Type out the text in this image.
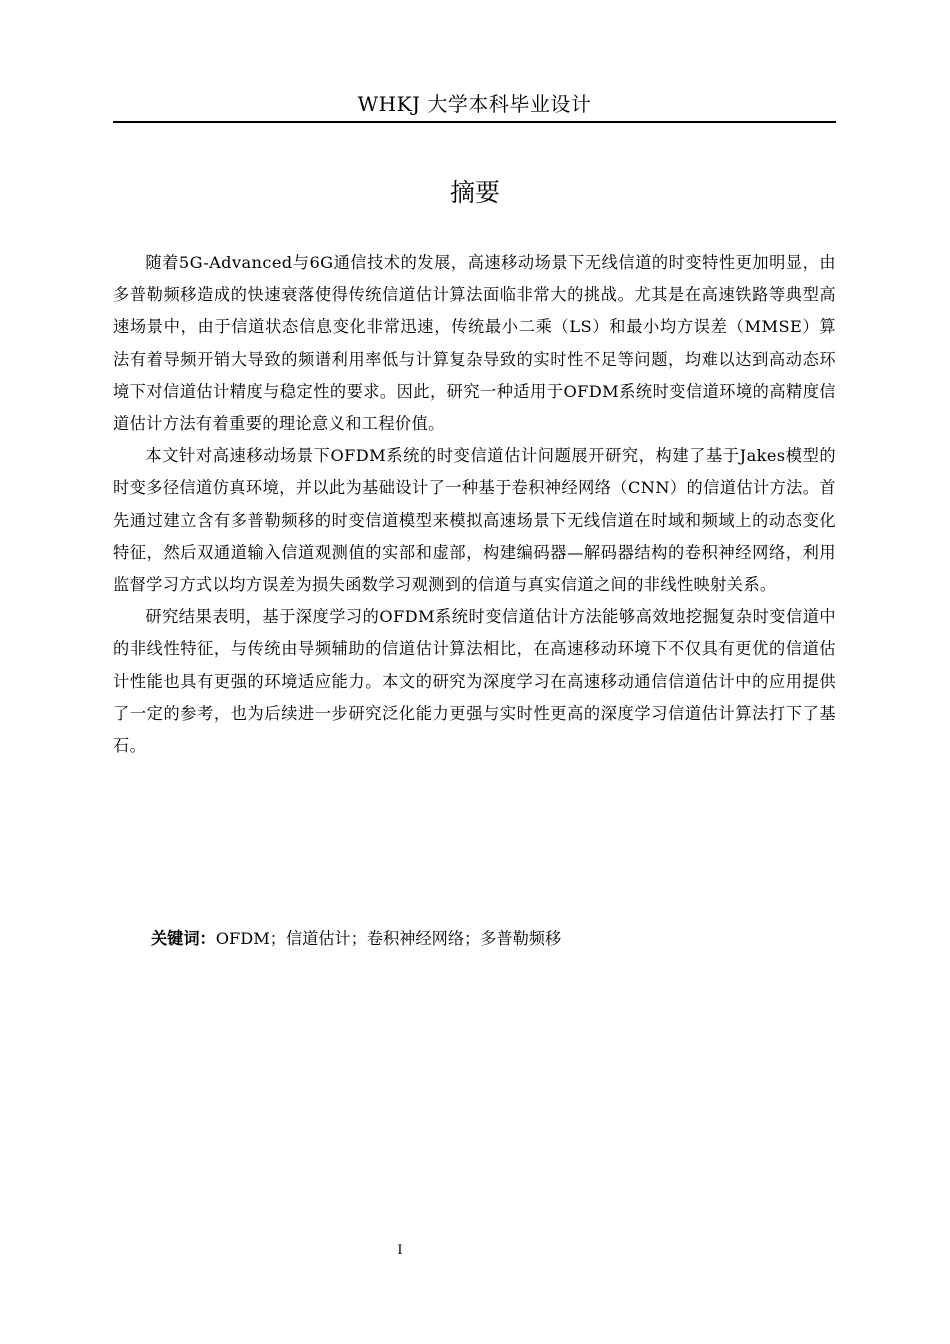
WHKJ 大学本科毕业设计
摘要

随着5G-Advanced与6G通信技术的发展，高速移动场景下无线信道的时变特性更加明显，由多普勒频移造成的快速衰落使得传统信道估计算法面临非常大的挑战。尤其是在高速铁路等典型高速场景中，由于信道状态信息变化非常迅速，传统最小二乘（LS）和最小均方误差（MMSE）算法有着导频开销大导致的频谱利用率低与计算复杂导致的实时性不足等问题，均难以达到高动态环境下对信道估计精度与稳定性的要求。因此，研究一种适用于OFDM系统时变信道环境的高精度信道估计方法有着重要的理论意义和工程价值。

本文针对高速移动场景下OFDM系统的时变信道估计问题展开研究，构建了基于Jakes模型的时变多径信道仿真环境，并以此为基础设计了一种基于卷积神经网络（CNN）的信道估计方法。首先通过建立含有多普勒频移的时变信道模型来模拟高速场景下无线信道在时域和频域上的动态变化特征，然后双通道输入信道观测值的实部和虚部，构建编码器—解码器结构的卷积神经网络，利用监督学习方式以均方误差为损失函数学习观测到的信道与真实信道之间的非线性映射关系。

研究结果表明，基于深度学习的OFDM系统时变信道估计方法能够高效地挖掘复杂时变信道中的非线性特征，与传统由导频辅助的信道估计算法相比，在高速移动环境下不仅具有更优的信道估计性能也具有更强的环境适应能力。本文的研究为深度学习在高速移动通信信道估计中的应用提供了一定的参考，也为后续进一步研究泛化能力更强与实时性更高的深度学习信道估计算法打下了基石。

关键词：OFDM；信道估计；卷积神经网络；多普勒频移
I
